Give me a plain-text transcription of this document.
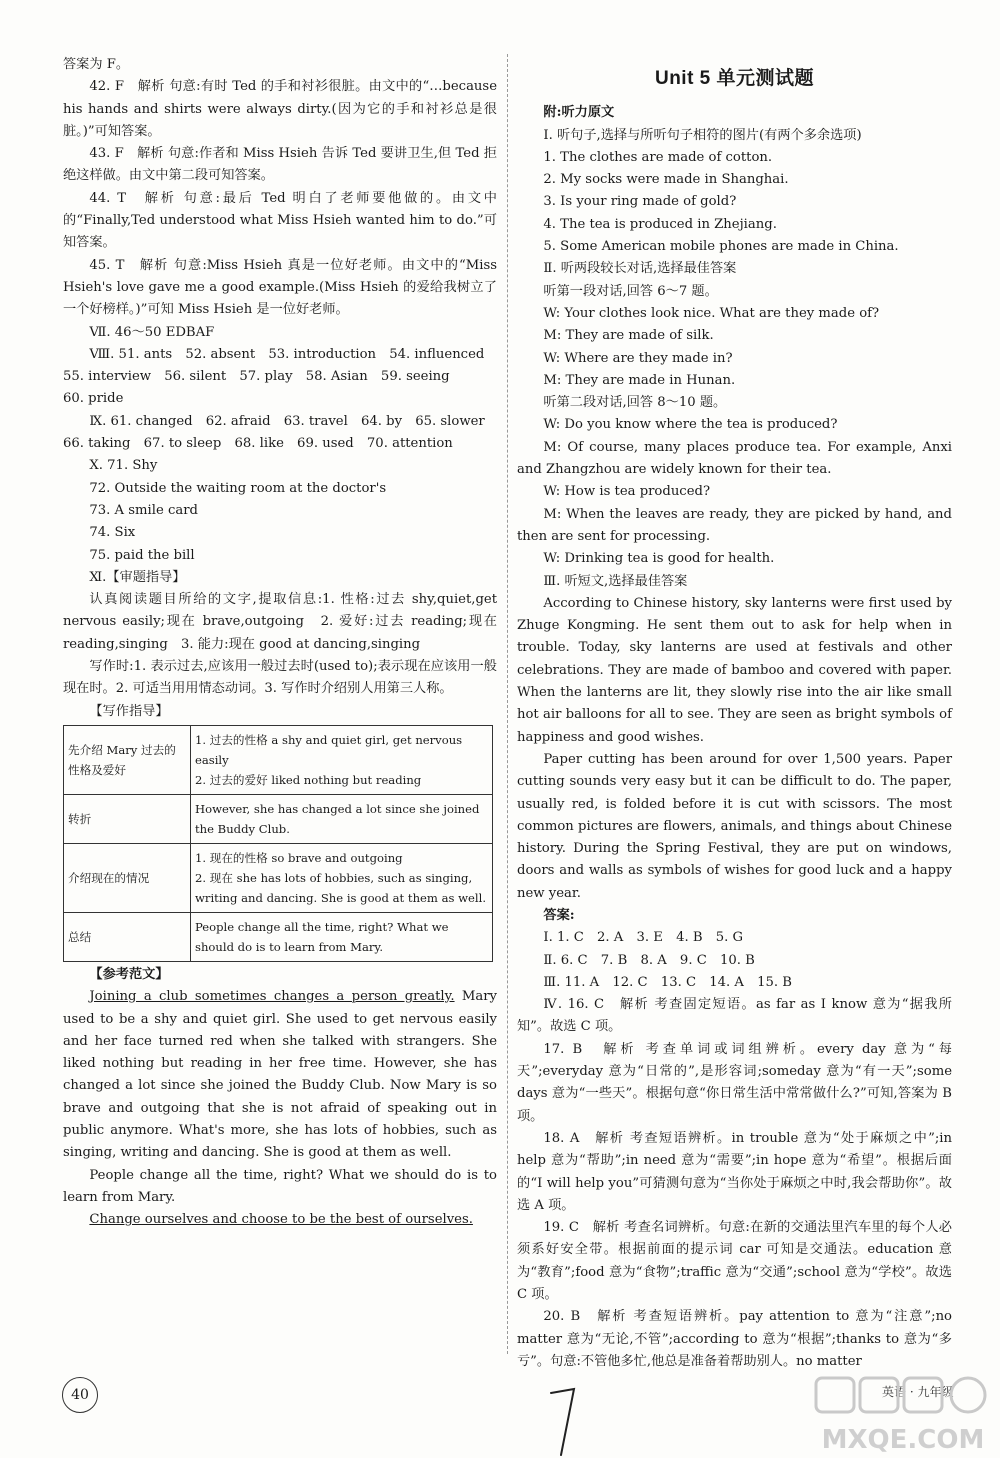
答案为 F。

42. F　解析 句意:有时 Ted 的手和衬衫很脏。由文中的“…because his hands and shirts were always dirty.(因为它的手和衬衫总是很脏。)”可知答案。

43. F　解析 句意:作者和 Miss Hsieh 告诉 Ted 要讲卫生,但 Ted 拒绝这样做。由文中第二段可知答案。

44. T　解析 句意:最后 Ted 明白了老师要他做的。由文中的“Finally,Ted understood what Miss Hsieh wanted him to do.”可知答案。

45. T　解析 句意:Miss Hsieh 真是一位好老师。由文中的“Miss Hsieh's love gave me a good example.(Miss Hsieh 的爱给我树立了一个好榜样。)”可知 Miss Hsieh 是一位好老师。

Ⅶ. 46～50 EDBAF

Ⅷ. 51. ants　52. absent　53. introduction　54. influenced

55. interview　56. silent　57. play　58. Asian　59. seeing

60. pride

Ⅸ. 61. changed　62. afraid　63. travel　64. by　65. slower

66. taking　67. to sleep　68. like　69. used　70. attention

Ⅹ. 71. Shy

72. Outside the waiting room at the doctor's

73. A smile card

74. Six

75. paid the bill

Ⅺ.【审题指导】

认真阅读题目所给的文字,提取信息:1. 性格:过去 shy,quiet,get nervous easily;现在 brave,outgoing　2. 爱好:过去 reading;现在 reading,singing　3. 能力:现在 good at dancing,singing

写作时:1. 表示过去,应该用一般过去时(used to);表示现在应该用一般现在时。2. 可适当用用情态动词。3. 写作时介绍别人用第三人称。

【写作指导】

先介绍 Mary 过去的性格及爱好	1. 过去的性格 a shy and quiet girl, get nervous easily
2. 过去的爱好 liked nothing but reading

转折	However, she has changed a lot since she joined the Buddy Club.

介绍现在的情况	1. 现在的性格 so brave and outgoing
2. 现在 she has lots of hobbies, such as singing, writing and dancing. She is good at them as well.

总结	People change all the time, right? What we should do is to learn from Mary.

【参考范文】

Joining a club sometimes changes a person greatly. Mary used to be a shy and quiet girl. She used to get nervous easily and her face turned red when she talked with strangers. She liked nothing but reading in her free time. However, she has changed a lot since she joined the Buddy Club. Now Mary is so brave and outgoing that she is not afraid of speaking out in public anymore. What's more, she has lots of hobbies, such as singing, writing and dancing. She is good at them as well.

People change all the time, right? What we should do is to learn from Mary.

Change ourselves and choose to be the best of ourselves.

Unit 5 单元测试题

附:听力原文

Ⅰ. 听句子,选择与所听句子相符的图片(有两个多余选项)

1. The clothes are made of cotton.

2. My socks were made in Shanghai.

3. Is your ring made of gold?

4. The tea is produced in Zhejiang.

5. Some American mobile phones are made in China.

Ⅱ. 听两段较长对话,选择最佳答案

听第一段对话,回答 6～7 题。

W: Your clothes look nice. What are they made of?

M: They are made of silk.

W: Where are they made in?

M: They are made in Hunan.

听第二段对话,回答 8～10 题。

W: Do you know where the tea is produced?

M: Of course, many places produce tea. For example, Anxi and Zhangzhou are widely known for their tea.

W: How is tea produced?

M: When the leaves are ready, they are picked by hand, and then are sent for processing.

W: Drinking tea is good for health.

Ⅲ. 听短文,选择最佳答案

According to Chinese history, sky lanterns were first used by Zhuge Kongming. He sent them out to ask for help when in trouble. Today, sky lanterns are used at festivals and other celebrations. They are made of bamboo and covered with paper. When the lanterns are lit, they slowly rise into the air like small hot air balloons for all to see. They are seen as bright symbols of happiness and good wishes.

Paper cutting has been around for over 1,500 years. Paper cutting sounds very easy but it can be difficult to do. The paper, usually red, is folded before it is cut with scissors. The most common pictures are flowers, animals, and things about Chinese history. During the Spring Festival, they are put on windows, doors and walls as symbols of wishes for good luck and a happy new year.

答案:

Ⅰ. 1. C　2. A　3. E　4. B　5. G

Ⅱ. 6. C　7. B　8. A　9. C　10. B

Ⅲ. 11. A　12. C　13. C　14. A　15. B

Ⅳ. 16. C　解析 考查固定短语。as far as I know 意为“据我所知”。故选 C 项。

17. B　解析 考查单词或词组辨析。every day 意为“每天”;everyday 意为“日常的”,是形容词;someday 意为“有一天”;some days 意为“一些天”。根据句意“你日常生活中常常做什么?”可知,答案为 B 项。

18. A　解析 考查短语辨析。in trouble 意为“处于麻烦之中”;in help 意为“帮助”;in need 意为“需要”;in hope 意为“希望”。根据后面的“I will help you”可猜测句意为“当你处于麻烦之中时,我会帮助你”。故选 A 项。

19. C　解析 考查名词辨析。句意:在新的交通法里汽车里的每个人必须系好安全带。根据前面的提示词 car 可知是交通法。education 意为“教育”;food 意为“食物”;traffic 意为“交通”;school 意为“学校”。故选 C 项。

20. B　解析 考查短语辨析。pay attention to 意为“注意”;no matter 意为“无论,不管”;according to 意为“根据”;thanks to 意为“多亏”。句意:不管他多忙,他总是准备着帮助别人。no matter

40	英语 · 九年级
MXQE.COM
